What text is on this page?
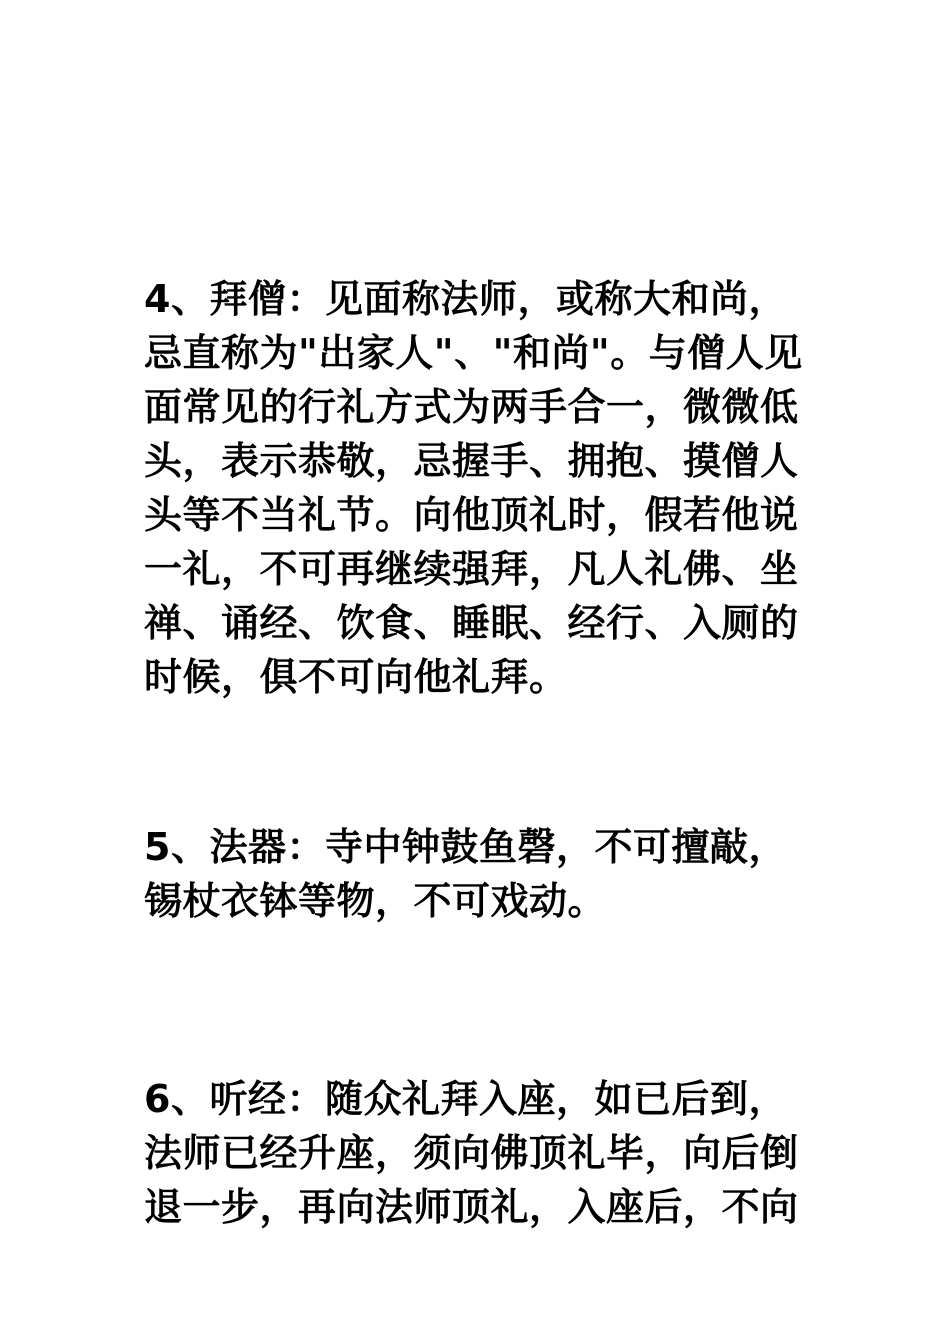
4、拜僧：见面称法师，或称大和尚，忌直称为"出家人"、"和尚"。与僧人见面常见的行礼方式为两手合一，微微低头，表示恭敬，忌握手、拥抱、摸僧人头等不当礼节。向他顶礼时，假若他说一礼，不可再继续强拜，凡人礼佛、坐禅、诵经、饮食、睡眠、经行、入厕的时候，俱不可向他礼拜。

5、法器：寺中钟鼓鱼磬，不可擅敲，锡杖衣钵等物，不可戏动。

6、听经：随众礼拜入座，如已后到，法师已经升座，须向佛顶礼毕，向后倒退一步，再向法师顶礼，入座后，不向
